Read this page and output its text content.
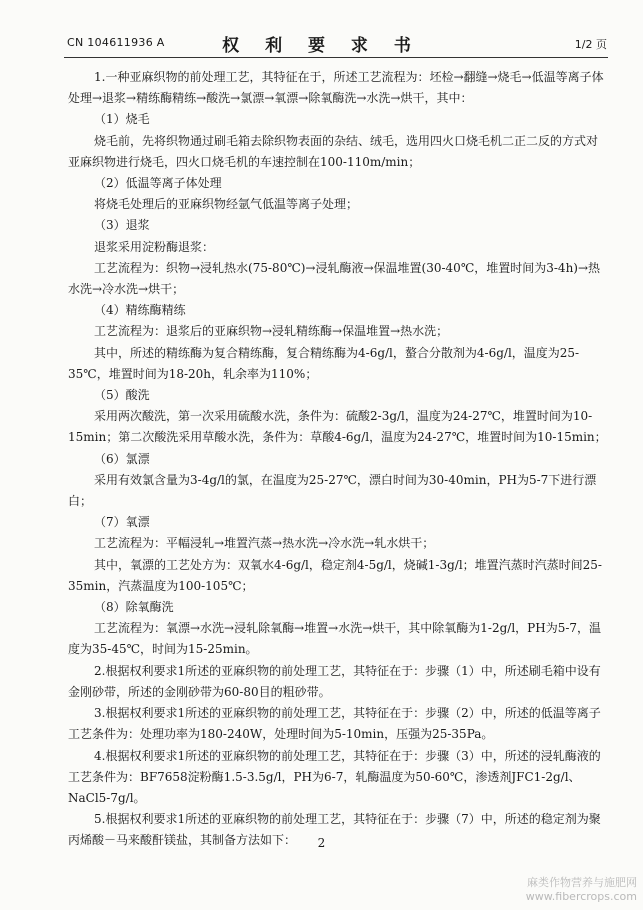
CN 104611936 A	权 利 要 求 书	1/2 页

1.一种亚麻织物的前处理工艺，其特征在于，所述工艺流程为：坯检→翻缝→烧毛→低温等离子体处理→退浆→精练酶精练→酸洗→氯漂→氧漂→除氧酶洗→水洗→烘干，其中：

（1）烧毛

烧毛前，先将织物通过刷毛箱去除织物表面的杂结、绒毛，选用四火口烧毛机二正二反的方式对亚麻织物进行烧毛，四火口烧毛机的车速控制在100-110m/min；

（2）低温等离子体处理

将烧毛处理后的亚麻织物经氩气低温等离子处理；

（3）退浆

退浆采用淀粉酶退浆：

工艺流程为：织物→浸轧热水(75-80℃)→浸轧酶液→保温堆置(30-40℃，堆置时间为3-4h)→热水洗→冷水洗→烘干；

（4）精练酶精练

工艺流程为：退浆后的亚麻织物→浸轧精练酶→保温堆置→热水洗；

其中，所述的精练酶为复合精练酶，复合精练酶为4-6g/l，螯合分散剂为4-6g/l，温度为25-35℃，堆置时间为18-20h，轧余率为110%；

（5）酸洗

采用两次酸洗，第一次采用硫酸水洗，条件为：硫酸2-3g/l，温度为24-27℃，堆置时间为10-15min；第二次酸洗采用草酸水洗，条件为：草酸4-6g/l，温度为24-27℃，堆置时间为10-15min；

（6）氯漂

采用有效氯含量为3-4g/l的氯，在温度为25-27℃，漂白时间为30-40min，PH为5-7下进行漂白；

（7）氧漂

工艺流程为：平幅浸轧→堆置汽蒸→热水洗→冷水洗→轧水烘干；

其中，氧漂的工艺处方为：双氧水4-6g/l，稳定剂4-5g/l，烧碱1-3g/l；堆置汽蒸时汽蒸时间25-35min，汽蒸温度为100-105℃；

（8）除氧酶洗

工艺流程为：氧漂→水洗→浸轧除氧酶→堆置→水洗→烘干，其中除氧酶为1-2g/l，PH为5-7，温度为35-45℃，时间为15-25min。

2.根据权利要求1所述的亚麻织物的前处理工艺，其特征在于：步骤（1）中，所述刷毛箱中设有金刚砂带，所述的金刚砂带为60-80目的粗砂带。

3.根据权利要求1所述的亚麻织物的前处理工艺，其特征在于：步骤（2）中，所述的低温等离子工艺条件为：处理功率为180-240W，处理时间为5-10min，压强为25-35Pa。

4.根据权利要求1所述的亚麻织物的前处理工艺，其特征在于：步骤（3）中，所述的浸轧酶液的工艺条件为：BF7658淀粉酶1.5-3.5g/l，PH为6-7，轧酶温度为50-60℃，渗透剂JFC1-2g/l、NaCl5-7g/l。

5.根据权利要求1所述的亚麻织物的前处理工艺，其特征在于：步骤（7）中，所述的稳定剂为聚丙烯酸－马来酸酐镁盐，其制备方法如下：	2
麻类作物营养与施肥网
www.fibercrops.com
